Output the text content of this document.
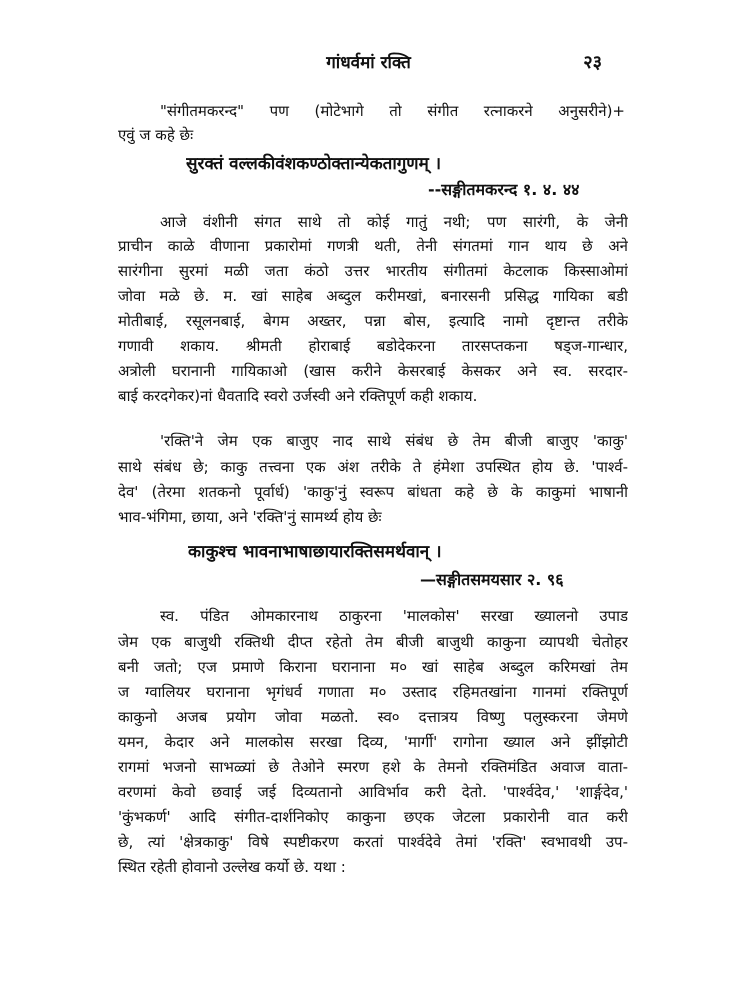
गांधर्वमां रक्ति	२३
"संगीतमकरन्द" पण (मोटेभागे तो संगीत रत्नाकरने अनुसरीने)+
एवुं ज कहे छेः
सुरक्तं वल्लकीवंशकण्ठोक्तान्येकतागुणम् ।
--सङ्गीतमकरन्द १. ४. ४४
आजे वंशीनी संगत साथे तो कोई गातुं नथी; पण सारंगी, के जेनी
प्राचीन काळे वीणाना प्रकारोमां गणत्री थती, तेनी संगतमां गान थाय छे अने
सारंगीना सुरमां मळी जता कंठो उत्तर भारतीय संगीतमां केटलाक किस्साओमां
जोवा मळे छे. म. खां साहेब अब्दुल करीमखां, बनारसनी प्रसिद्ध गायिका बडी
मोतीबाई, रसूलनबाई, बेगम अख्तर, पन्ना बोस, इत्यादि नामो दृष्टान्त तरीके
गणावी शकाय. श्रीमती होराबाई बडोदेकरना तारसप्तकना षड्ज-गान्धार,
अत्रोली घरानानी गायिकाओ (खास करीने केसरबाई केसकर अने स्व. सरदार-
बाई करदगेकर)नां धैवतादि स्वरो उर्जस्वी अने रक्तिपूर्ण कही शकाय.
'रक्ति'ने जेम एक बाजुए नाद साथे संबंध छे तेम बीजी बाजुए 'काकु'
साथे संबंध छे; काकु तत्त्वना एक अंश तरीके ते हंमेशा उपस्थित होय छे. 'पार्श्व-
देव' (तेरमा शतकनो पूर्वार्ध) 'काकु'नुं स्वरूप बांधता कहे छे के काकुमां भाषानी
भाव-भंगिमा, छाया, अने 'रक्ति'नुं सामर्थ्य होय छेः
काकुश्च भावनाभाषाछायारक्तिसमर्थवान् ।
—सङ्गीतसमयसार २. ९६
स्व. पंडित ओमकारनाथ ठाकुरना 'मालकोस' सरखा ख्यालनो उपाड
जेम एक बाजुथी रक्तिथी दीप्त रहेतो तेम बीजी बाजुथी काकुना व्यापथी चेतोहर
बनी जतो; एज प्रमाणे किराना घरानाना म० खां साहेब अब्दुल करिमखां तेम
ज ग्वालियर घरानाना भृगंधर्व गणाता म० उस्ताद रहिमतखांना गानमां रक्तिपूर्ण
काकुनो अजब प्रयोग जोवा मळतो. स्व० दत्तात्रय विष्णु पलुस्करना जेमणे
यमन, केदार अने मालकोस सरखा दिव्य, 'मार्गी' रागोना ख्याल अने झींझोटी
रागमां भजनो साभळ्यां छे तेओने स्मरण हशे के तेमनो रक्तिमंडित अवाज वाता-
वरणमां केवो छवाई जई दिव्यतानो आविर्भाव करी देतो. 'पार्श्वदेव,' 'शार्ङ्गदेव,'
'कुंभकर्ण' आदि संगीत-दार्शनिकोए काकुना छएक जेटला प्रकारोनी वात करी
छे, त्यां 'क्षेत्रकाकु' विषे स्पष्टीकरण करतां पार्श्वदेवे तेमां 'रक्ति' स्वभावथी उप-
स्थित रहेती होवानो उल्लेख कर्यो छे. यथा :
